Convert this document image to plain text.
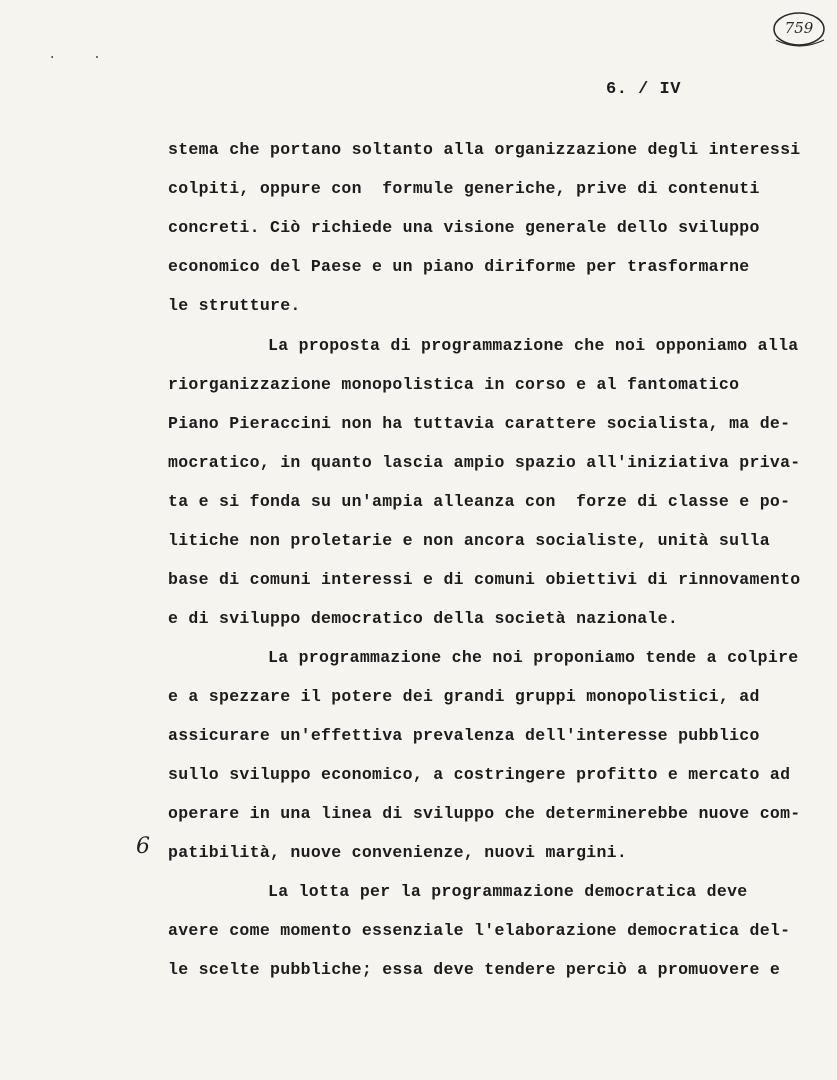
759
· ·
6. / IV
stema che portano soltanto alla organizzazione degli interessi
colpiti, oppure con  formule generiche, prive di contenuti
concreti. Ciò richiede una visione generale dello sviluppo
economico del Paese e un piano diriforme per trasformarne
le strutture.
La proposta di programmazione che noi opponiamo alla
riorganizzazione monopolistica in corso e al fantomatico
Piano Pieraccini non ha tuttavia carattere socialista, ma de-
mocratico, in quanto lascia ampio spazio all'iniziativa priva-
ta e si fonda su un'ampia alleanza con  forze di classe e po-
litiche non proletarie e non ancora socialiste, unità sulla
base di comuni interessi e di comuni obiettivi di rinnovamento
e di sviluppo democratico della società nazionale.
La programmazione che noi proponiamo tende a colpire
e a spezzare il potere dei grandi gruppi monopolistici, ad
assicurare un'effettiva prevalenza dell'interesse pubblico
sullo sviluppo economico, a costringere profitto e mercato ad
operare in una linea di sviluppo che determinerebbe nuove com-
patibilità, nuove convenienze, nuovi margini.
La lotta per la programmazione democratica deve
avere come momento essenziale l'elaborazione democratica del-
le scelte pubbliche; essa deve tendere perciò a promuovere e
6
